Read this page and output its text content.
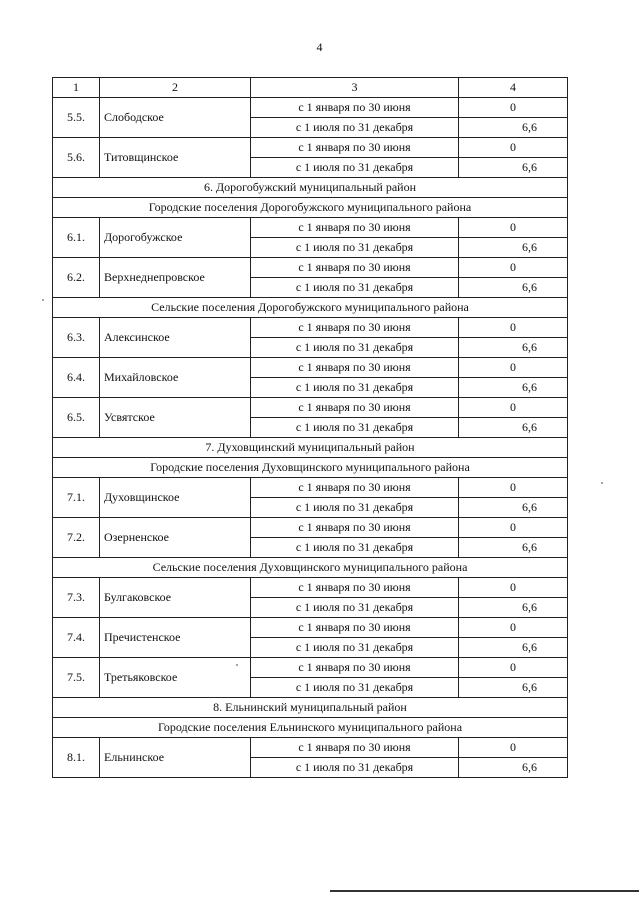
4
1	2	3	4
5.5.	Слободское	с 1 января по 30 июня	0

		с 1 июля по 31 декабря	6,6

5.6.	Титовщинское	с 1 января по 30 июня	0

		с 1 июля по 31 декабря	6,6

6. Дорогобужский муниципальный район			
Городские поселения Дорогобужского муниципального района			
6.1.	Дорогобужское	с 1 января по 30 июня	0

		с 1 июля по 31 декабря	6,6

6.2.	Верхнеднепровское	с 1 января по 30 июня	0

		с 1 июля по 31 декабря	6,6

Сельские поселения Дорогобужского муниципального района			
6.3.	Алексинское	с 1 января по 30 июня	0

		с 1 июля по 31 декабря	6,6

6.4.	Михайловское	с 1 января по 30 июня	0

		с 1 июля по 31 декабря	6,6

6.5.	Усвятское	с 1 января по 30 июня	0

		с 1 июля по 31 декабря	6,6

7. Духовщинский муниципальный район			
Городские поселения Духовщинского муниципального района			
7.1.	Духовщинское	с 1 января по 30 июня	0

		с 1 июля по 31 декабря	6,6

7.2.	Озерненское	с 1 января по 30 июня	0

		с 1 июля по 31 декабря	6,6

Сельские поселения Духовщинского муниципального района			
7.3.	Булгаковское	с 1 января по 30 июня	0

		с 1 июля по 31 декабря	6,6

7.4.	Пречистенское	с 1 января по 30 июня	0

		с 1 июля по 31 декабря	6,6

7.5.	Третьяковское	с 1 января по 30 июня	0

		с 1 июля по 31 декабря	6,6

8. Ельнинский муниципальный район			
Городские поселения Ельнинского муниципального района			
8.1.	Ельнинское	с 1 января по 30 июня	0

		с 1 июля по 31 декабря	6,6
